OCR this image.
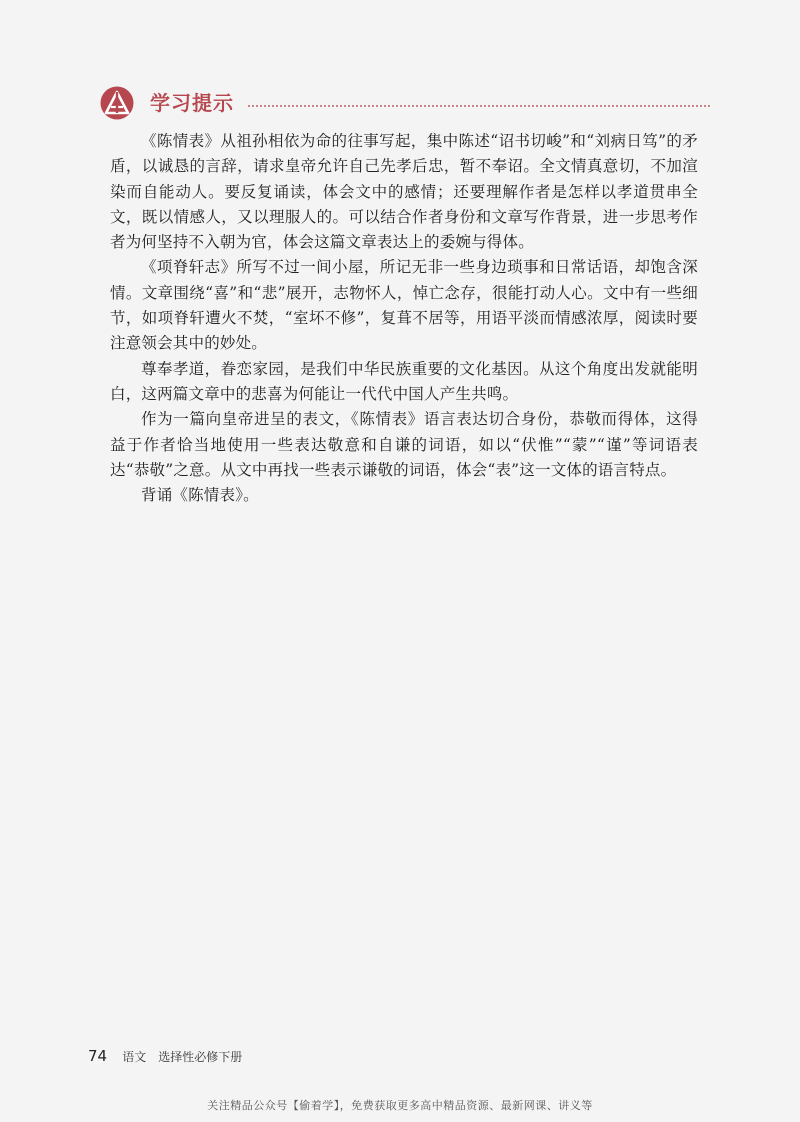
学习提示

《陈情表》从祖孙相依为命的往事写起，集中陈述“诏书切峻”和“刘病日笃”的矛盾，以诚恳的言辞，请求皇帝允许自己先孝后忠，暂不奉诏。全文情真意切，不加渲染而自能动人。要反复诵读，体会文中的感情；还要理解作者是怎样以孝道贯串全文，既以情感人，又以理服人的。可以结合作者身份和文章写作背景，进一步思考作者为何坚持不入朝为官，体会这篇文章表达上的委婉与得体。

《项脊轩志》所写不过一间小屋，所记无非一些身边琐事和日常话语，却饱含深情。文章围绕“喜”和“悲”展开，志物怀人，悼亡念存，很能打动人心。文中有一些细节，如项脊轩遭火不焚，“室坏不修”，复葺不居等，用语平淡而情感浓厚，阅读时要注意领会其中的妙处。

尊奉孝道，眷恋家园，是我们中华民族重要的文化基因。从这个角度出发就能明白，这两篇文章中的悲喜为何能让一代代中国人产生共鸣。

作为一篇向皇帝进呈的表文，《陈情表》语言表达切合身份，恭敬而得体，这得益于作者恰当地使用一些表达敬意和自谦的词语，如以“伏惟”“蒙”“谨”等词语表达“恭敬”之意。从文中再找一些表示谦敬的词语，体会“表”这一文体的语言特点。

背诵《陈情表》。

74 语文　选择性必修下册
关注精品公众号【偷着学】，免费获取更多高中精品资源、最新网课、讲义等
